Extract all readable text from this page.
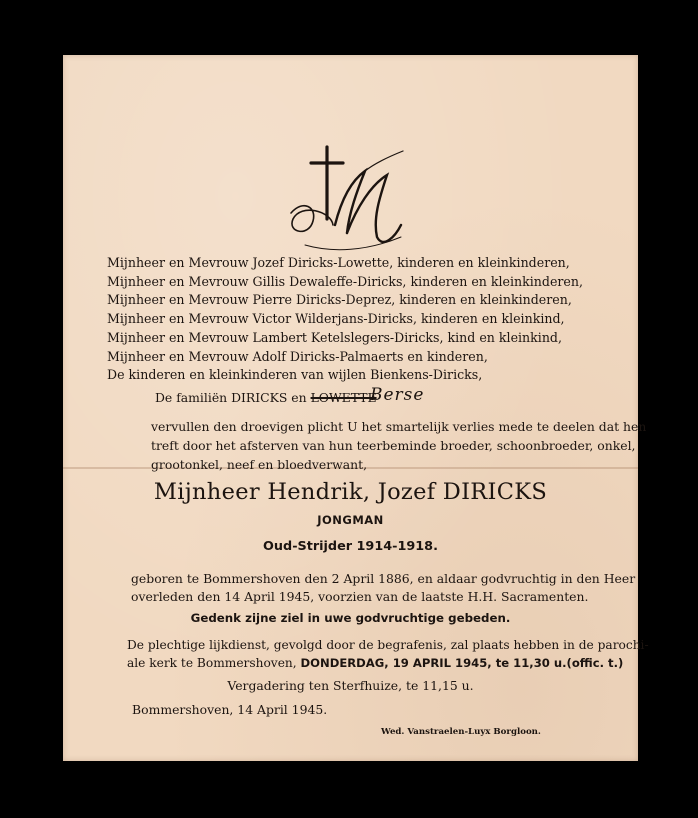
Mijnheer en Mevrouw Jozef Diricks-Lowette, kinderen en kleinkinderen,
Mijnheer en Mevrouw Gillis Dewaleffe-Diricks, kinderen en kleinkinderen,
Mijnheer en Mevrouw Pierre Diricks-Deprez, kinderen en kleinkinderen,
Mijnheer en Mevrouw Victor Wilderjans-Diricks, kinderen en kleinkind,
Mijnheer en Mevrouw Lambert Ketelslegers-Diricks, kind en kleinkind,
Mijnheer en Mevrouw Adolf Diricks-Palmaerts en kinderen,
De kinderen en kleinkinderen van wijlen Bienkens-Diricks,
De familiën DIRICKS en LOWETTE
Berse
vervullen den droevigen plicht U het smartelijk verlies mede te deelen dat hen
treft door het afsterven van hun teerbeminde broeder, schoonbroeder, onkel,
grootonkel, neef en bloedverwant,
Mijnheer Hendrik, Jozef DIRICKS
JONGMAN
Oud-Strijder 1914-1918.
geboren te Bommershoven den 2 April 1886, en aldaar godvruchtig in den Heer
overleden den 14 April 1945, voorzien van de laatste H.H. Sacramenten.
Gedenk zijne ziel in uwe godvruchtige gebeden.
De plechtige lijkdienst, gevolgd door de begrafenis, zal plaats hebben in de parochi-
ale kerk te Bommershoven, DONDERDAG, 19 APRIL 1945, te 11,30 u.(offic. t.)
Vergadering ten Sterfhuize, te 11,15 u.
Bommershoven, 14 April 1945.
Wed. Vanstraelen-Luyx Borgloon.
